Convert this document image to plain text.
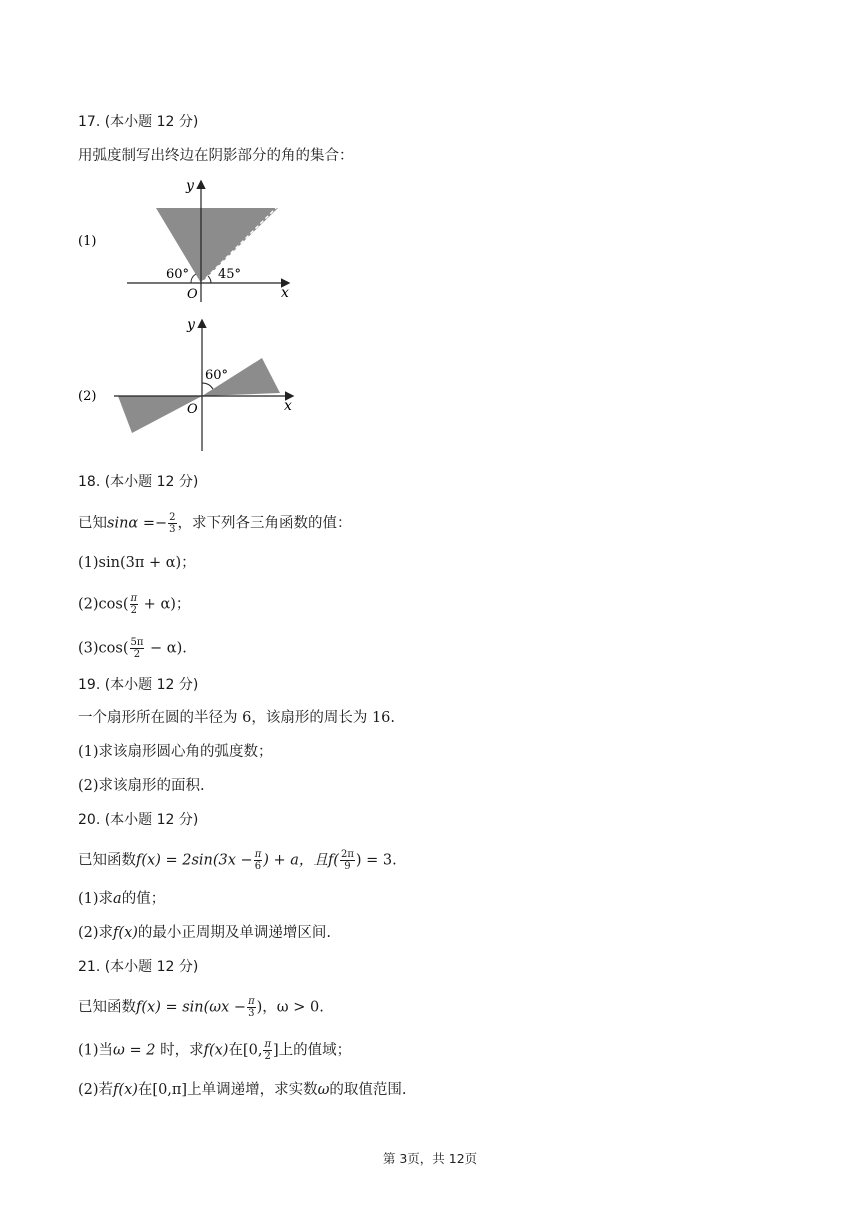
17. (本小题 12 分)
用弧度制写出终边在阴影部分的角的集合：
(1)
y
x
O
60° 45°
(2)
y
x
O
60°
18. (本小题 12 分)
已知$\sin\alpha =- \frac{2}{3}$ ，求下列各三角函数的值：
(1)sin(3π + α)；
$(2)\cos( \frac{\pi}{2} + \alpha)$；
$(3)\cos( \frac{5\pi}{2} - \alpha)$.
19. (本小题 12 分)
一个扇形所在圆的半径为 6，该扇形的周长为 16.
(1)求该扇形圆心角的弧度数；
(2)求该扇形的面积.
20. (本小题 12 分)
已知函数$f(x) = 2\sin(3x - \frac{\pi}{6}$ ) + a，且$f( \frac{2\pi}{9}$ ) = 3.
(1)求a的值；
(2)求f(x)的最小正周期及单调递增区间.
21. (本小题 12 分)
已知函数$f(x) = \sin(\omega x - \frac{\pi}{3}$ )，ω > 0.
(1)当ω = 2 时，求f(x)在[0, $\frac{\pi}{2}$ ]上的值域；
(2)若f(x)在[0,π]上单调递增，求实数ω的取值范围.
第 3页，共 12页
